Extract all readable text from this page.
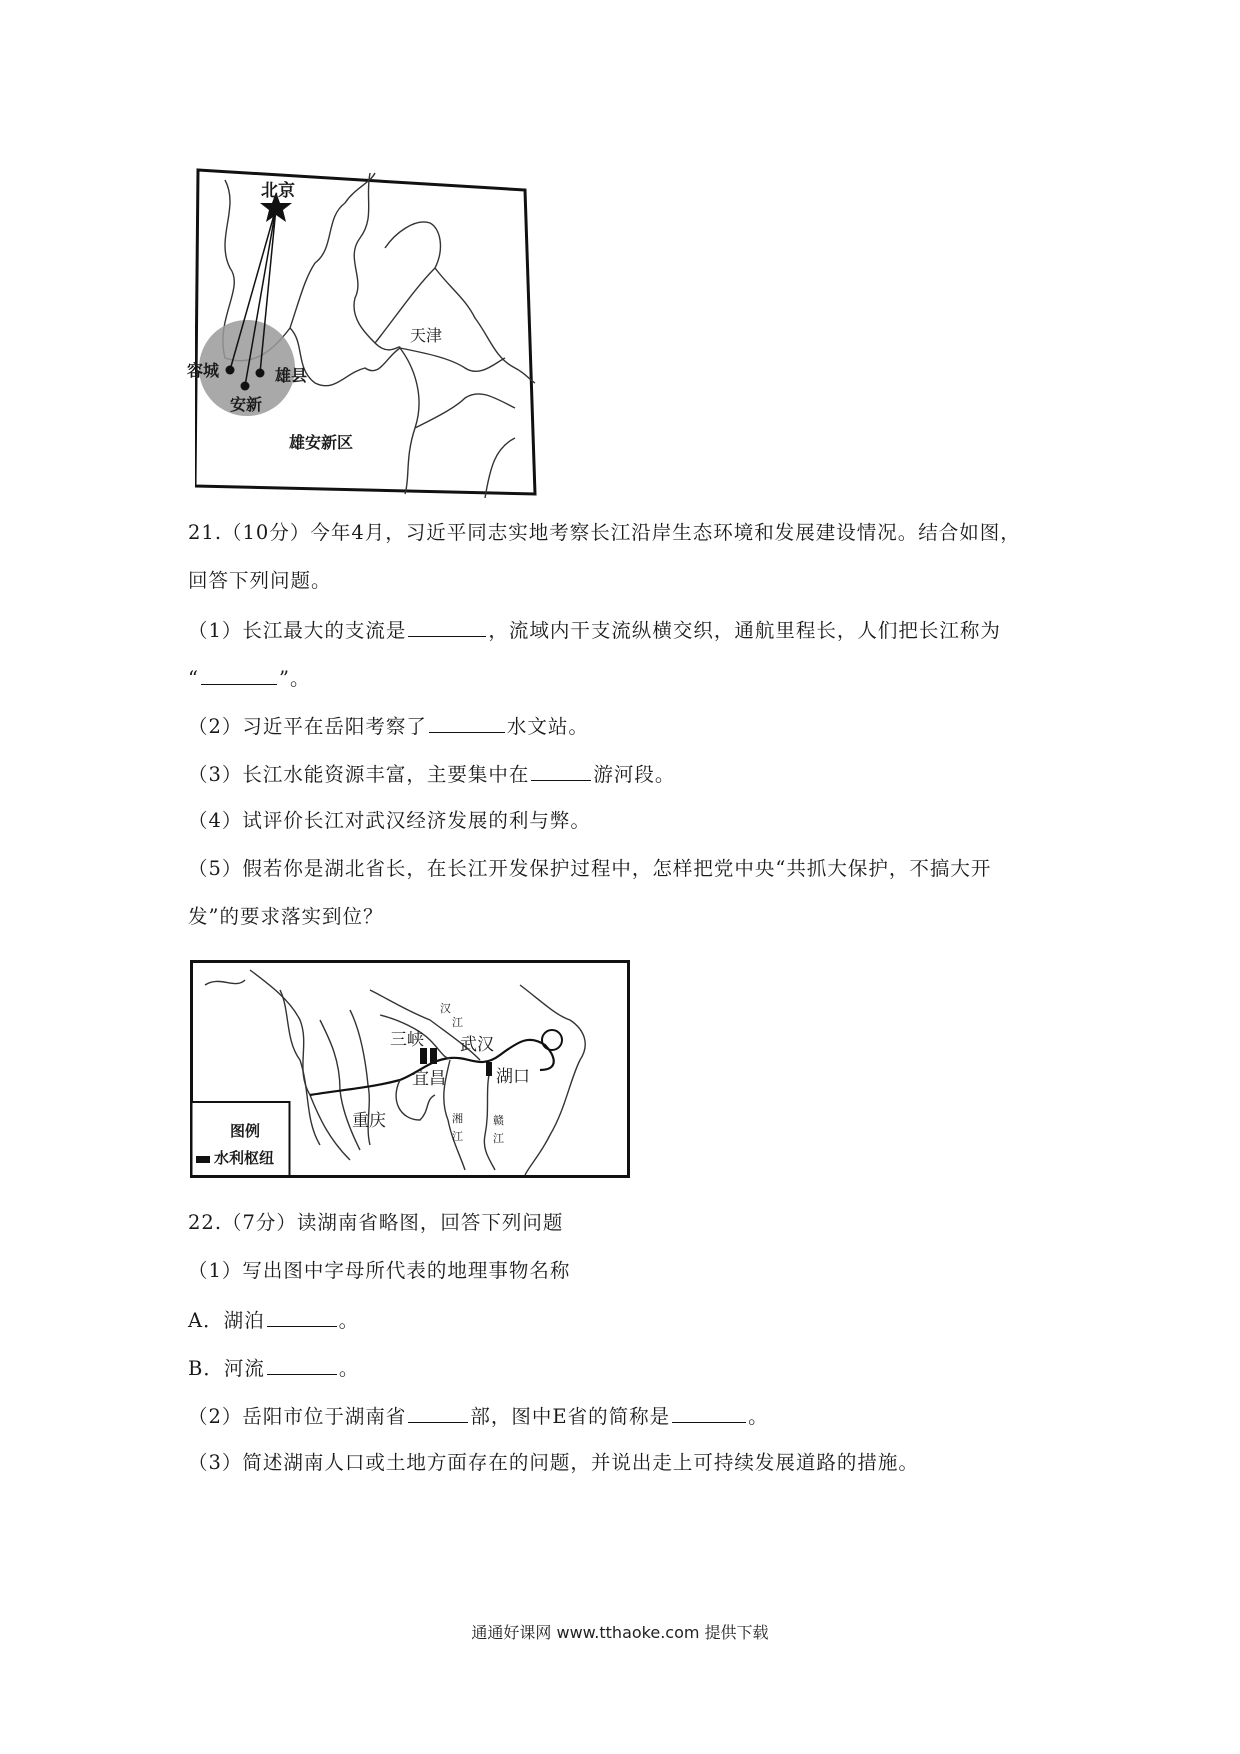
北京
天津
容城	雄县
安新
雄安新区
21.（10分）今年4月，习近平同志实地考察长江沿岸生态环境和发展建设情况。结合如图，
回答下列问题。
（1）长江最大的支流是	，流域内干支流纵横交织，通航里程长，人们把长江称为
“	”。
（2）习近平在岳阳考察了	水文站。
（3）长江水能资源丰富，主要集中在	游河段。
（4）试评价长江对武汉经济发展的利与弊。
（5）假若你是湖北省长，在长江开发保护过程中，怎样把党中央“共抓大保护，不搞大开
发”的要求落实到位？
三峡 武汉
宜昌	湖口
重庆
汉
江
湘
江
赣
江
图例
水利枢纽
22.（7分）读湖南省略图，回答下列问题
（1）写出图中字母所代表的地理事物名称
A．湖泊	。
B．河流	。
（2）岳阳市位于湖南省	部，图中E省的简称是	。
（3）简述湖南人口或土地方面存在的问题，并说出走上可持续发展道路的措施。
通通好课网 www.tthaoke.com 提供下载
